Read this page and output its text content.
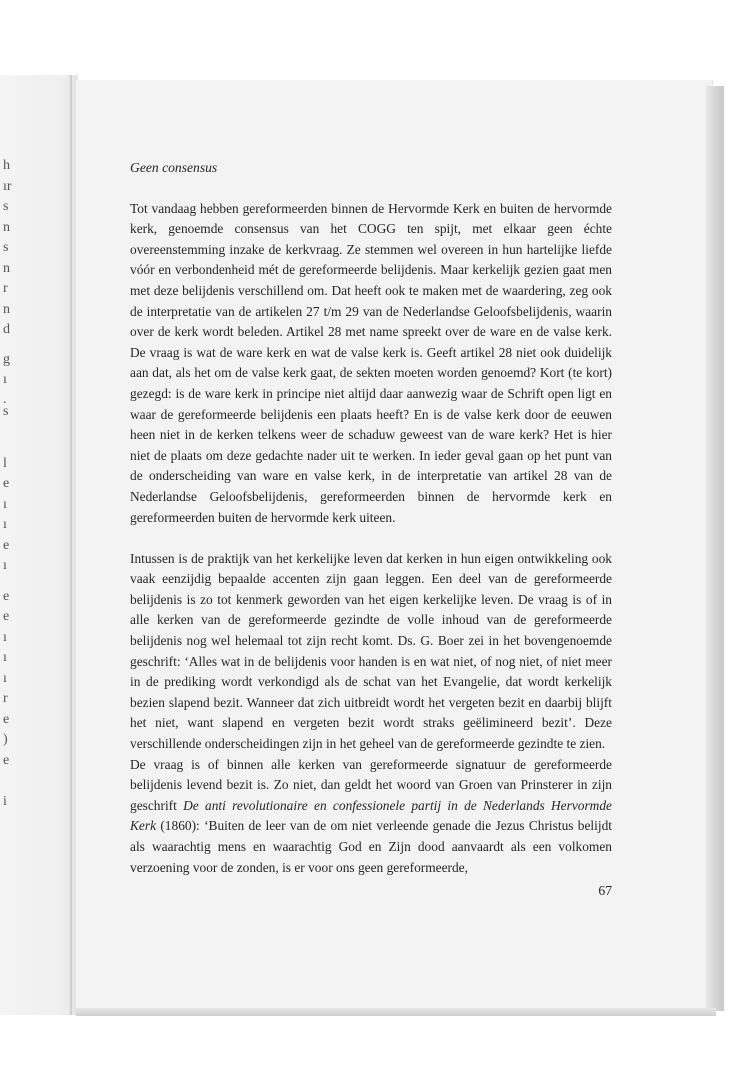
h
ır
s
n
s
n
r
n
d
g
ı
.
s
l
e
ı
ı
e
ı
e
e
ı
ı
ı
r
e
)
e
i

Geen consensus

Tot vandaag hebben gereformeerden binnen de Hervormde Kerk en buiten de hervormde kerk, genoemde consensus van het COGG ten spijt, met elkaar geen échte overeenstemming inzake de kerkvraag. Ze stemmen wel overeen in hun hartelijke liefde vóór en verbondenheid mét de gereformeerde belijdenis. Maar kerkelijk gezien gaat men met deze belijdenis verschillend om. Dat heeft ook te maken met de waardering, zeg ook de interpretatie van de artikelen 27 t/m 29 van de Nederlandse Geloofsbelijdenis, waarin over de kerk wordt beleden. Artikel 28 met name spreekt over de ware en de valse kerk. De vraag is wat de ware kerk en wat de valse kerk is. Geeft artikel 28 niet ook duidelijk aan dat, als het om de valse kerk gaat, de sekten moeten worden genoemd? Kort (te kort) gezegd: is de ware kerk in principe niet altijd daar aanwezig waar de Schrift open ligt en waar de gereformeerde belijdenis een plaats heeft? En is de valse kerk door de eeuwen heen niet in de kerken telkens weer de schaduw geweest van de ware kerk? Het is hier niet de plaats om deze gedachte nader uit te werken. In ieder geval gaan op het punt van de onderscheiding van ware en valse kerk, in de interpretatie van artikel 28 van de Nederlandse Geloofsbelijdenis, gereformeerden binnen de hervormde kerk en gereformeerden buiten de hervormde kerk uiteen.

Intussen is de praktijk van het kerkelijke leven dat kerken in hun eigen ontwikkeling ook vaak eenzijdig bepaalde accenten zijn gaan leggen. Een deel van de gereformeerde belijdenis is zo tot kenmerk geworden van het eigen kerkelijke leven. De vraag is of in alle kerken van de gereformeerde gezindte de volle inhoud van de gereformeerde belijdenis nog wel helemaal tot zijn recht komt. Ds. G. Boer zei in het bovengenoemde geschrift: ‘Alles wat in de belijdenis voor handen is en wat niet, of nog niet, of niet meer in de prediking wordt verkondigd als de schat van het Evangelie, dat wordt kerkelijk bezien slapend bezit. Wanneer dat zich uitbreidt wordt het vergeten bezit en daarbij blijft het niet, want slapend en vergeten bezit wordt straks geëlimineerd bezit’. Deze verschillende onderscheidingen zijn in het geheel van de gereformeerde gezindte te zien.

De vraag is of binnen alle kerken van gereformeerde signatuur de gereformeerde belijdenis levend bezit is. Zo niet, dan geldt het woord van Groen van Prinsterer in zijn geschrift De anti revolutionaire en confessionele partij in de Nederlands Hervormde Kerk (1860): ‘Buiten de leer van de om niet verleende genade die Jezus Christus belijdt als waarachtig mens en waarachtig God en Zijn dood aanvaardt als een volkomen verzoening voor de zonden, is er voor ons geen gereformeerde,

67
